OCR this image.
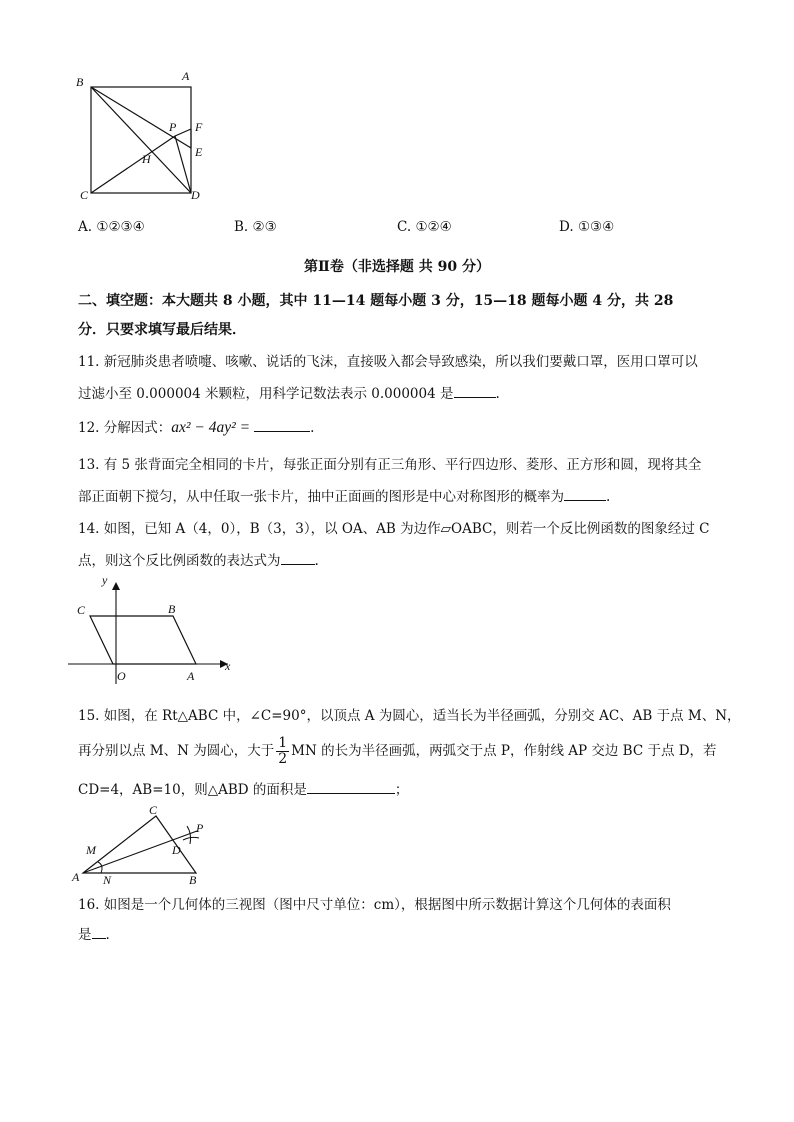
B	A
P F
E
H
C	D
A. ①②③④	B. ②③	C. ①②④	D. ①③④
第Ⅱ卷（非选择题 共 90 分）
二、填空题：本大题共 8 小题，其中 11—14 题每小题 3 分，15—18 题每小题 4 分，共 28
分．只要求填写最后结果．
11. 新冠肺炎患者喷嚏、咳嗽、说话的飞沫，直接吸入都会导致感染，所以我们要戴口罩，医用口罩可以
过滤小至 0.000004 米颗粒，用科学记数法表示 0.000004 是	.
12. 分解因式：ax² − 4ay² =	.
13. 有 5 张背面完全相同的卡片，每张正面分别有正三角形、平行四边形、菱形、正方形和圆，现将其全
部正面朝下搅匀，从中任取一张卡片，抽中正面画的图形是中心对称图形的概率为	.
14. 如图，已知 A（4，0），B（3，3），以 OA、AB 为边作▱OABC，则若一个反比例函数的图象经过 C
点，则这个反比例函数的表达式为	.
y
C	B
O	A
x
15. 如图，在 Rt△ABC 中，∠C=90°，以顶点 A 为圆心，适当长为半径画弧，分别交 AC、AB 于点 M、N，
再分别以点 M、N 为圆心，大于 $\frac{1}{2}$ MN 的长为半径画弧，两弧交于点 P，作射线 AP 交边 BC 于点 D，若
CD=4，AB=10，则△ABD 的面积是	；
C
P
M	D
A N	B
16. 如图是一个几何体的三视图（图中尺寸单位：cm），根据图中所示数据计算这个几何体的表面积
是 .
